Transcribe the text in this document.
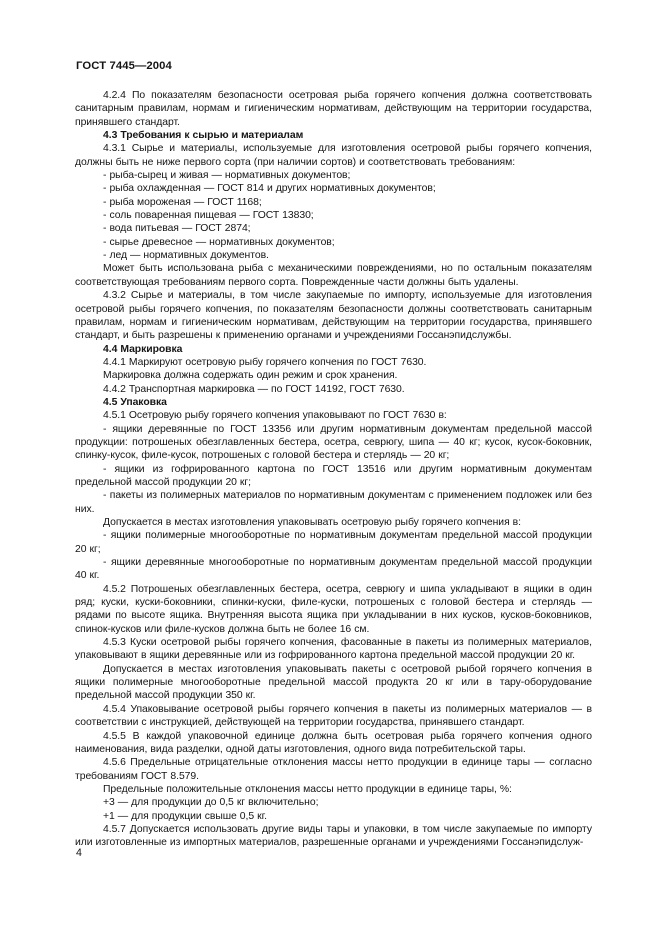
ГОСТ 7445—2004

4.2.4 По показателям безопасности осетровая рыба горячего копчения должна соответствовать санитарным правилам, нормам и гигиеническим нормативам, действующим на территории государства, принявшего стандарт.

4.3 Требования к сырью и материалам

4.3.1 Сырье и материалы, используемые для изготовления осетровой рыбы горячего копчения, должны быть не ниже первого сорта (при наличии сортов) и соответствовать требованиям:

- рыба-сырец и живая — нормативных документов;

- рыба охлажденная — ГОСТ 814 и других нормативных документов;

- рыба мороженая — ГОСТ 1168;

- соль поваренная пищевая — ГОСТ 13830;

- вода питьевая — ГОСТ 2874;

- сырье древесное — нормативных документов;

- лед — нормативных документов.

Может быть использована рыба с механическими повреждениями, но по остальным показателям соответствующая требованиям первого сорта. Поврежденные части должны быть удалены.

4.3.2 Сырье и материалы, в том числе закупаемые по импорту, используемые для изготовления осетровой рыбы горячего копчения, по показателям безопасности должны соответствовать санитарным правилам, нормам и гигиеническим нормативам, действующим на территории государства, принявшего стандарт, и быть разрешены к применению органами и учреждениями Госсанэпидслужбы.

4.4 Маркировка

4.4.1 Маркируют осетровую рыбу горячего копчения по ГОСТ 7630.

Маркировка должна содержать один режим и срок хранения.

4.4.2 Транспортная маркировка — по ГОСТ 14192, ГОСТ 7630.

4.5 Упаковка

4.5.1 Осетровую рыбу горячего копчения упаковывают по ГОСТ 7630 в:

- ящики деревянные по ГОСТ 13356 или другим нормативным документам предельной массой продукции: потрошеных обезглавленных бестера, осетра, севрюгу, шипа — 40 кг; кусок, кусок-боковник, спинку-кусок, филе-кусок, потрошеных с головой бестера и стерлядь — 20 кг;

- ящики из гофрированного картона по ГОСТ 13516 или другим нормативным документам предельной массой продукции 20 кг;

- пакеты из полимерных материалов по нормативным документам с применением подложек или без них.

Допускается в местах изготовления упаковывать осетровую рыбу горячего копчения в:

- ящики полимерные многооборотные по нормативным документам предельной массой продукции 20 кг;

- ящики деревянные многооборотные по нормативным документам предельной массой продукции 40 кг.

4.5.2 Потрошеных обезглавленных бестера, осетра, севрюгу и шипа укладывают в ящики в один ряд; куски, куски-боковники, спинки-куски, филе-куски, потрошеных с головой бестера и стерлядь — рядами по высоте ящика. Внутренняя высота ящика при укладывании в них кусков, кусков-боковников, спинок-кусков или филе-кусков должна быть не более 16 см.

4.5.3 Куски осетровой рыбы горячего копчения, фасованные в пакеты из полимерных материалов, упаковывают в ящики деревянные или из гофрированного картона предельной массой продукции 20 кг.

Допускается в местах изготовления упаковывать пакеты с осетровой рыбой горячего копчения в ящики полимерные многооборотные предельной массой продукта 20 кг или в тару-оборудование предельной массой продукции 350 кг.

4.5.4 Упаковывание осетровой рыбы горячего копчения в пакеты из полимерных материалов — в соответствии с инструкцией, действующей на территории государства, принявшего стандарт.

4.5.5 В каждой упаковочной единице должна быть осетровая рыба горячего копчения одного наименования, вида разделки, одной даты изготовления, одного вида потребительской тары.

4.5.6 Предельные отрицательные отклонения массы нетто продукции в единице тары — согласно требованиям ГОСТ 8.579.

Предельные положительные отклонения массы нетто продукции в единице тары, %:

+3 — для продукции до 0,5 кг включительно;

+1 — для продукции свыше 0,5 кг.

4.5.7 Допускается использовать другие виды тары и упаковки, в том числе закупаемые по импорту или изготовленные из импортных материалов, разрешенные органами и учреждениями Госсанэпидслуж-

4
